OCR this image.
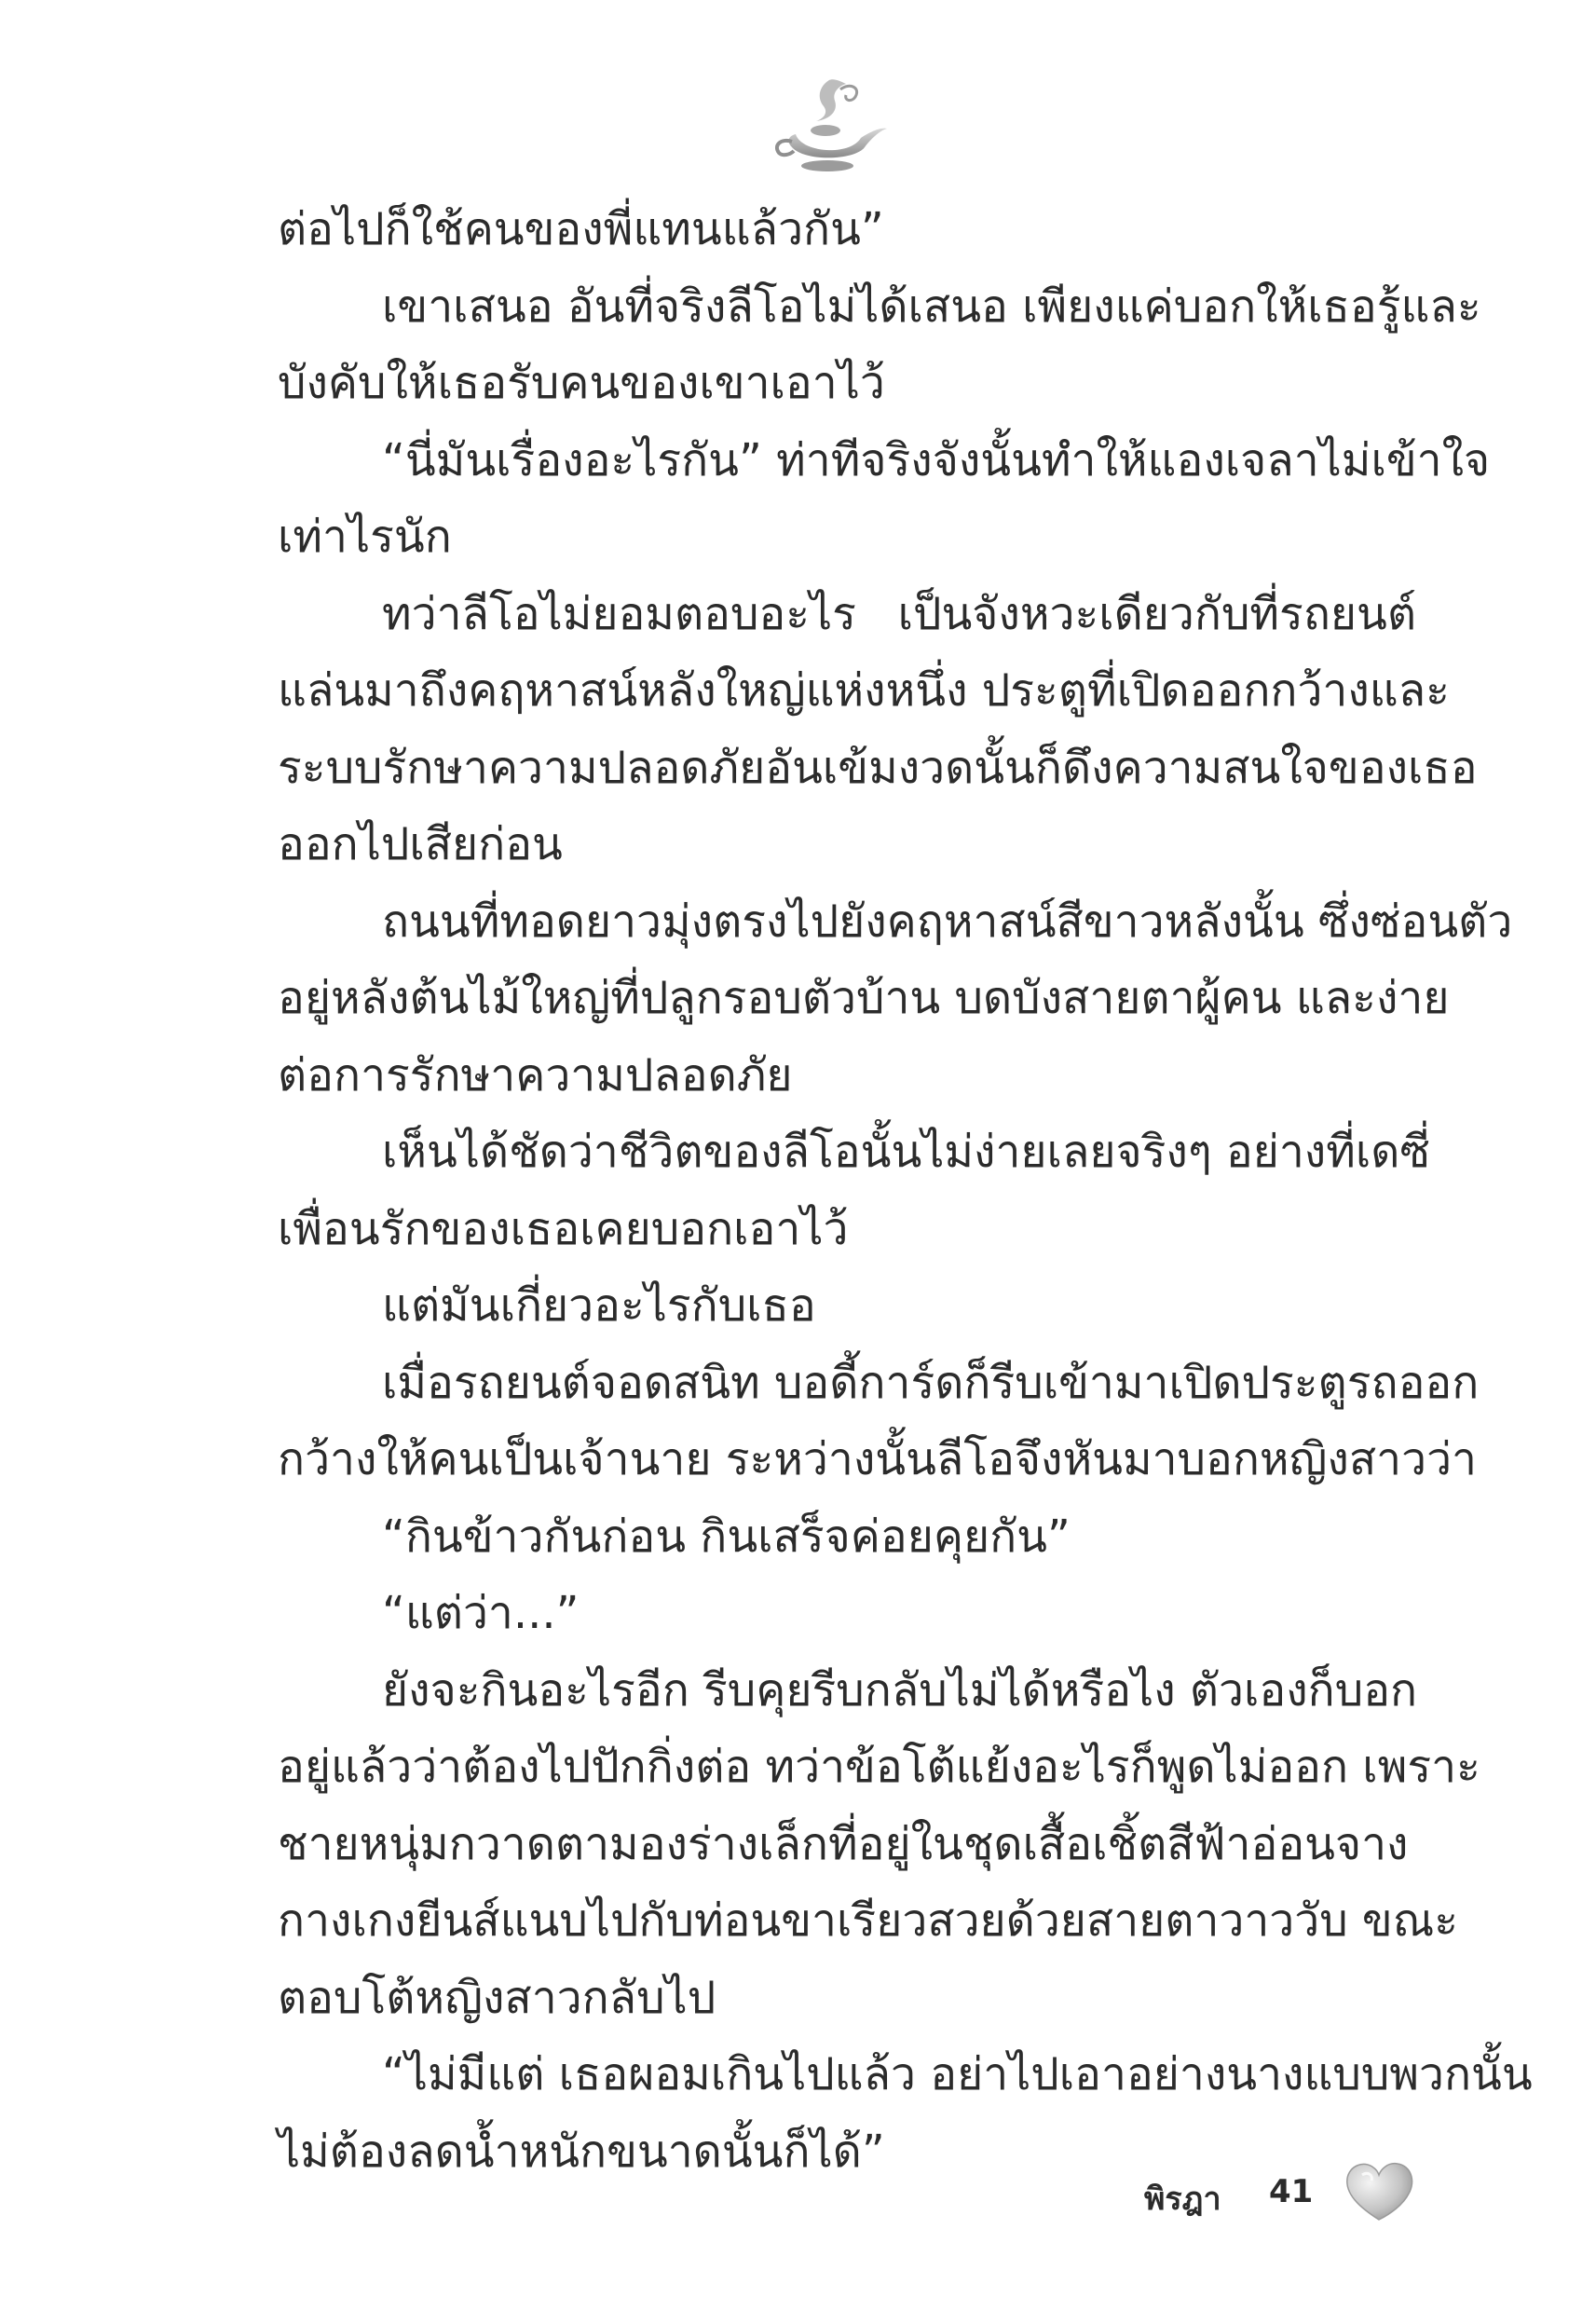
ต่อไปก็ใช้คนของพี่แทนแล้วกัน”
เขาเสนอ อันที่จริงลีโอไม่ได้เสนอ เพียงแค่บอกให้เธอรู้และ
บังคับให้เธอรับคนของเขาเอาไว้
“นี่มันเรื่องอะไรกัน” ท่าทีจริงจังนั้นทำให้แองเจลาไม่เข้าใจ
เท่าไรนัก
ทว่าลีโอไม่ยอมตอบอะไร เป็นจังหวะเดียวกับที่รถยนต์
แล่นมาถึงคฤหาสน์หลังใหญ่แห่งหนึ่ง ประตูที่เปิดออกกว้างและ
ระบบรักษาความปลอดภัยอันเข้มงวดนั้นก็ดึงความสนใจของเธอ
ออกไปเสียก่อน
ถนนที่ทอดยาวมุ่งตรงไปยังคฤหาสน์สีขาวหลังนั้น ซึ่งซ่อนตัว
อยู่หลังต้นไม้ใหญ่ที่ปลูกรอบตัวบ้าน บดบังสายตาผู้คน และง่าย
ต่อการรักษาความปลอดภัย
เห็นได้ชัดว่าชีวิตของลีโอนั้นไม่ง่ายเลยจริงๆ อย่างที่เดซี่
เพื่อนรักของเธอเคยบอกเอาไว้
แต่มันเกี่ยวอะไรกับเธอ
เมื่อรถยนต์จอดสนิท บอดี้การ์ดก็รีบเข้ามาเปิดประตูรถออก
กว้างให้คนเป็นเจ้านาย ระหว่างนั้นลีโอจึงหันมาบอกหญิงสาวว่า
“กินข้าวกันก่อน กินเสร็จค่อยคุยกัน”
“แต่ว่า...”
ยังจะกินอะไรอีก รีบคุยรีบกลับไม่ได้หรือไง ตัวเองก็บอก
อยู่แล้วว่าต้องไปปักกิ่งต่อ ทว่าข้อโต้แย้งอะไรก็พูดไม่ออก เพราะ
ชายหนุ่มกวาดตามองร่างเล็กที่อยู่ในชุดเสื้อเชิ้ตสีฟ้าอ่อนจาง
กางเกงยีนส์แนบไปกับท่อนขาเรียวสวยด้วยสายตาวาววับ ขณะ
ตอบโต้หญิงสาวกลับไป
“ไม่มีแต่ เธอผอมเกินไปแล้ว อย่าไปเอาอย่างนางแบบพวกนั้น
ไม่ต้องลดน้ำหนักขนาดนั้นก็ได้”
พิรฎา 41
